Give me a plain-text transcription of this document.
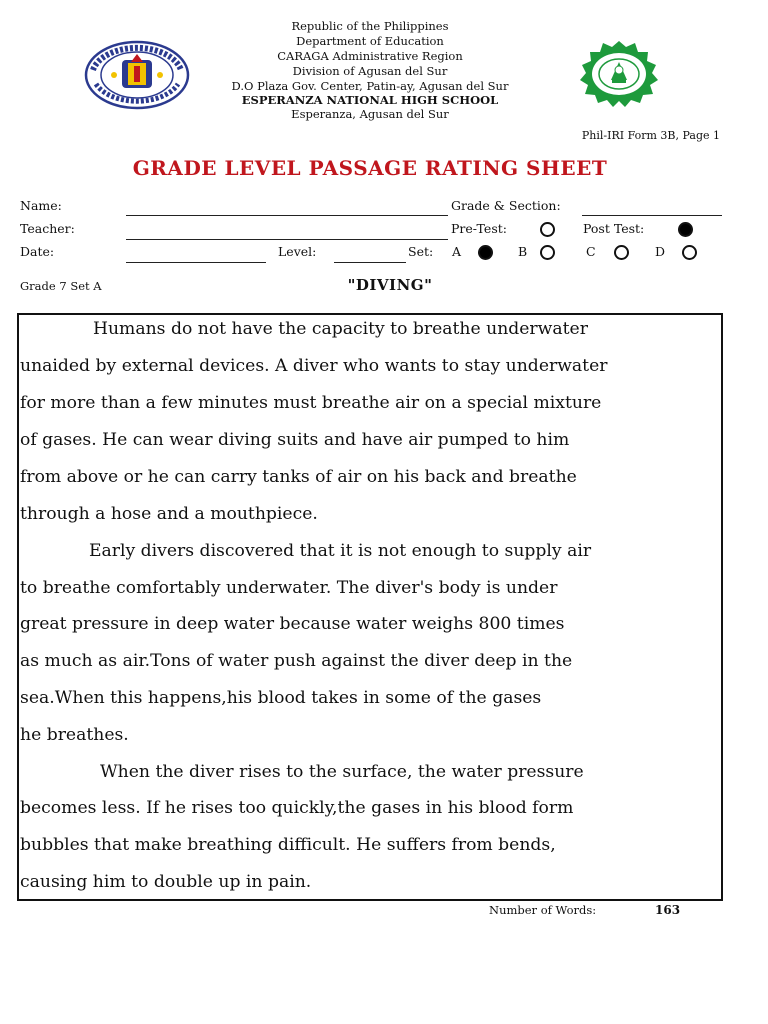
Republic of the Philippines
Department of Education
CARAGA Administrative Region
Division of Agusan del Sur
D.O Plaza Gov. Center, Patin-ay, Agusan del Sur
ESPERANZA NATIONAL HIGH SCHOOL
Esperanza, Agusan del Sur
Phil-IRI Form 3B, Page 1
GRADE LEVEL PASSAGE RATING SHEET
Name:
Teacher:
Date:	Level:	Set:
Grade & Section:
Pre-Test:	Post Test:
A	B	C	D
Grade 7 Set A	"DIVING"
Humans do not have the capacity to breathe underwater
unaided by external devices. A diver who wants to stay underwater
for more than a few minutes must breathe air on a special mixture
of gases. He can wear diving suits and have air pumped to him
from above or he can carry tanks of air on his back and breathe
through a hose and a mouthpiece.
Early divers discovered that it is not enough to supply air
to breathe comfortably underwater. The diver's body is under
great pressure in deep water because water weighs 800 times
as much as air.Tons of water push against the diver deep in the
sea.When this happens,his blood takes in some of the gases
he breathes.
When the diver rises to the surface, the water pressure
becomes less. If he rises too quickly,the gases in his blood form
bubbles that make breathing difficult. He suffers from bends,
causing him to double up in pain.
Number of Words:	163
